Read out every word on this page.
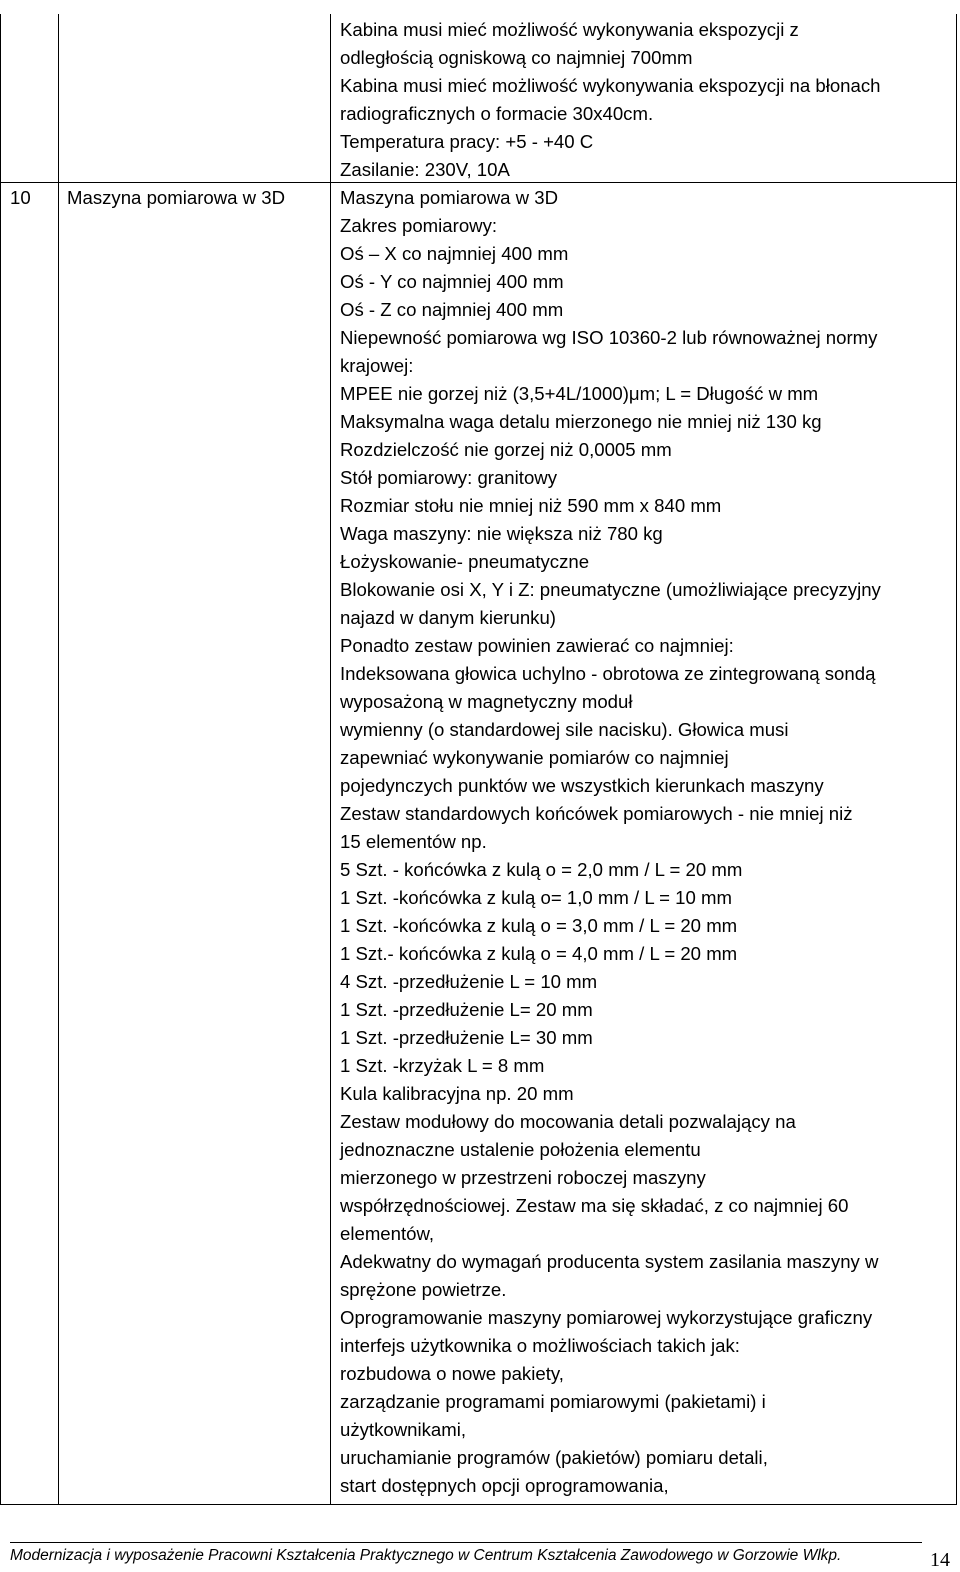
10 Maszyna pomiarowa w 3D
Kabina musi mieć możliwość wykonywania ekspozycji z
odległością ogniskową co najmniej 700mm
Kabina musi mieć możliwość wykonywania ekspozycji na błonach
radiograficznych o formacie 30x40cm.
Temperatura pracy: +5 - +40 C
Zasilanie: 230V, 10A
Maszyna pomiarowa w 3D
Zakres pomiarowy:
Oś – X co najmniej 400 mm
Oś - Y co najmniej 400 mm
Oś - Z co najmniej 400 mm
Niepewność pomiarowa wg ISO 10360-2 lub równoważnej normy
krajowej:
MPEE nie gorzej niż (3,5+4L/1000)μm; L = Długość w mm
Maksymalna waga detalu mierzonego nie mniej niż 130 kg
Rozdzielczość nie gorzej niż 0,0005 mm
Stół pomiarowy: granitowy
Rozmiar stołu nie mniej niż 590 mm x 840 mm
Waga maszyny: nie większa niż 780 kg
Łożyskowanie- pneumatyczne
Blokowanie osi X, Y i Z: pneumatyczne (umożliwiające precyzyjny
najazd w danym kierunku)
Ponadto zestaw powinien zawierać co najmniej:
Indeksowana głowica uchylno - obrotowa ze zintegrowaną sondą
wyposażoną w magnetyczny moduł
wymienny (o standardowej sile nacisku). Głowica musi
zapewniać wykonywanie pomiarów co najmniej
pojedynczych punktów we wszystkich kierunkach maszyny
Zestaw standardowych końcówek pomiarowych - nie mniej niż
15 elementów np.
5 Szt. - końcówka z kulą o = 2,0 mm / L = 20 mm
1 Szt. -końcówka z kulą o= 1,0 mm / L = 10 mm
1 Szt. -końcówka z kulą o = 3,0 mm / L = 20 mm
1 Szt.- końcówka z kulą o = 4,0 mm / L = 20 mm
4 Szt. -przedłużenie L = 10 mm
1 Szt. -przedłużenie L= 20 mm
1 Szt. -przedłużenie L= 30 mm
1 Szt. -krzyżak L = 8 mm
Kula kalibracyjna np. 20 mm
Zestaw modułowy do mocowania detali pozwalający na
jednoznaczne ustalenie położenia elementu
mierzonego w przestrzeni roboczej maszyny
współrzędnościowej. Zestaw ma się składać, z co najmniej 60
elementów,
Adekwatny do wymagań producenta system zasilania maszyny w
sprężone powietrze.
Oprogramowanie maszyny pomiarowej wykorzystujące graficzny
interfejs użytkownika o możliwościach takich jak:
rozbudowa o nowe pakiety,
zarządzanie programami pomiarowymi (pakietami) i
użytkownikami,
uruchamianie programów (pakietów) pomiaru detali,
start dostępnych opcji oprogramowania,
Modernizacja i wyposażenie Pracowni Kształcenia Praktycznego w Centrum Kształcenia Zawodowego w Gorzowie Wlkp.	14
